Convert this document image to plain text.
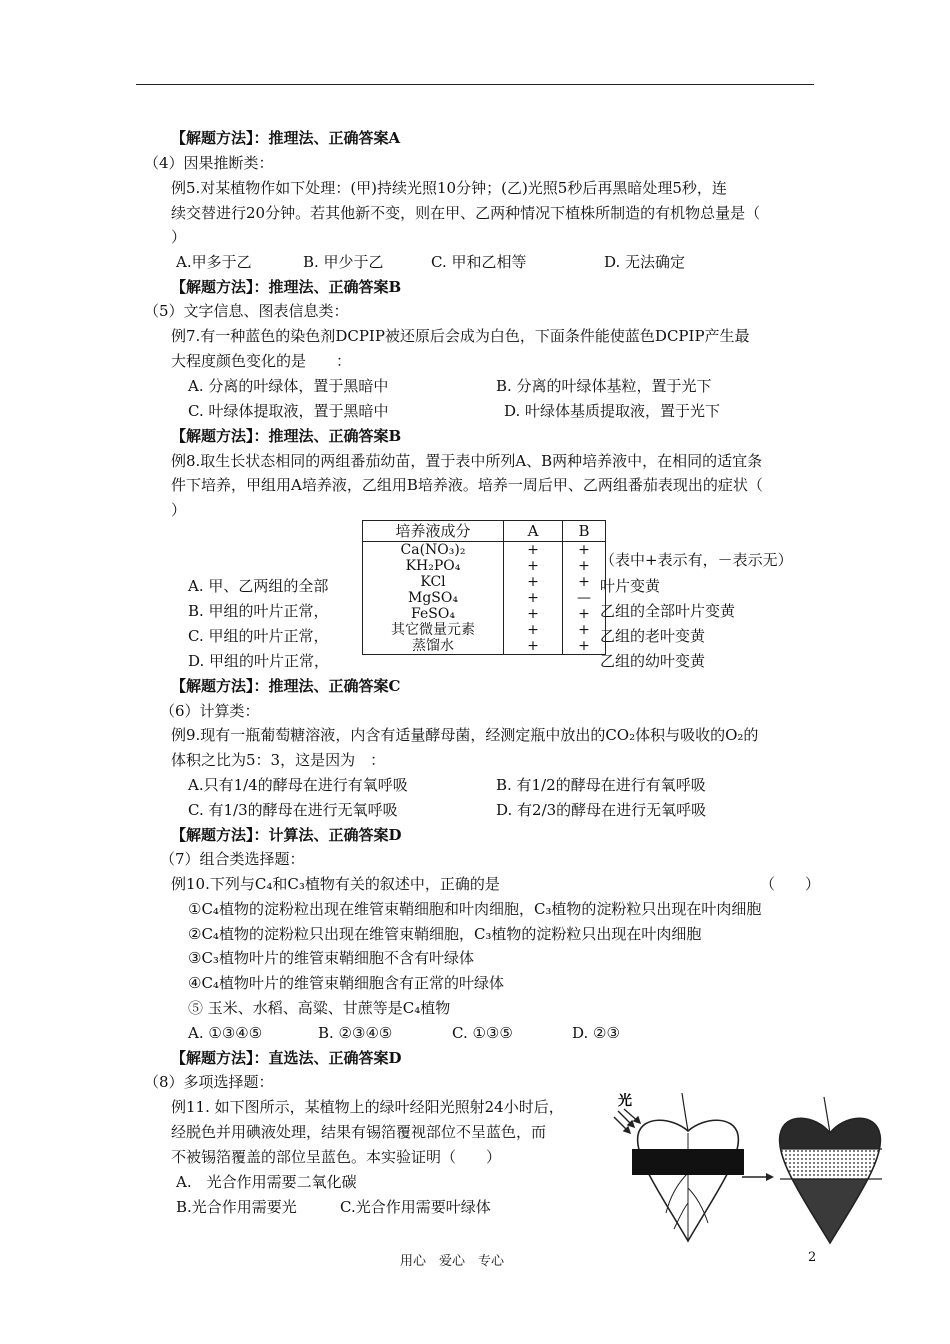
【解题方法】：推理法、正确答案A
（4）因果推断类：
例5.对某植物作如下处理：(甲)持续光照10分钟；(乙)光照5秒后再黑暗处理5秒，连
续交替进行20分钟。若其他新不变，则在甲、乙两种情况下植株所制造的有机物总量是（
）
A.甲多于乙	B. 甲少于乙	C. 甲和乙相等	D. 无法确定
【解题方法】：推理法、正确答案B
（5）文字信息、图表信息类：
例7.有一种蓝色的染色剂DCPIP被还原后会成为白色，下面条件能使蓝色DCPIP产生最
大程度颜色变化的是　　：
A. 分离的叶绿体，置于黑暗中	B. 分离的叶绿体基粒，置于光下
C. 叶绿体提取液，置于黑暗中	D. 叶绿体基质提取液，置于光下
【解题方法】：推理法、正确答案B
例8.取生长状态相同的两组番茄幼苗，置于表中所列A、B两种培养液中，在相同的适宜条
件下培养，甲组用A培养液，乙组用B培养液。培养一周后甲、乙两组番茄表现出的症状（
）
培养液成分	A	B
Ca(NO₃)₂	+	+
KH₂PO₄	+	+
KCl	+	+
MgSO₄	+	—
FeSO₄	+	+
其它微量元素	+	+
蒸馏水	+	+
（表中+表示有，－表示无）
A. 甲、乙两组的全部	叶片变黄
B. 甲组的叶片正常，	乙组的全部叶片变黄
C. 甲组的叶片正常，	乙组的老叶变黄
D. 甲组的叶片正常，	乙组的幼叶变黄
【解题方法】：推理法、正确答案C
（6）计算类：
例9.现有一瓶葡萄糖溶液，内含有适量酵母菌，经测定瓶中放出的CO₂体积与吸收的O₂的
体积之比为5：3，这是因为　：
A.只有1/4的酵母在进行有氧呼吸	B. 有1/2的酵母在进行有氧呼吸
C. 有1/3的酵母在进行无氧呼吸	D. 有2/3的酵母在进行无氧呼吸
【解题方法】：计算法、正确答案D
（7）组合类选择题：
例10.下列与C₄和C₃植物有关的叙述中，正确的是	（　　）
①C₄植物的淀粉粒出现在维管束鞘细胞和叶肉细胞，C₃植物的淀粉粒只出现在叶肉细胞
②C₄植物的淀粉粒只出现在维管束鞘细胞，C₃植物的淀粉粒只出现在叶肉细胞
③C₃植物叶片的维管束鞘细胞不含有叶绿体
④C₄植物叶片的维管束鞘细胞含有正常的叶绿体
⑤ 玉米、水稻、高粱、甘蔗等是C₄植物
A. ①③④⑤	B. ②③④⑤	C. ①③⑤	D. ②③
【解题方法】：直选法、正确答案D
（8）多项选择题：
例11. 如下图所示，某植物上的绿叶经阳光照射24小时后，
经脱色并用碘液处理，结果有锡箔覆视部位不呈蓝色，而
不被锡箔覆盖的部位呈蓝色。本实验证明（　　）
A.　光合作用需要二氧化碳
B.光合作用需要光	C.光合作用需要叶绿体
光
用心　爱心　专心	2
